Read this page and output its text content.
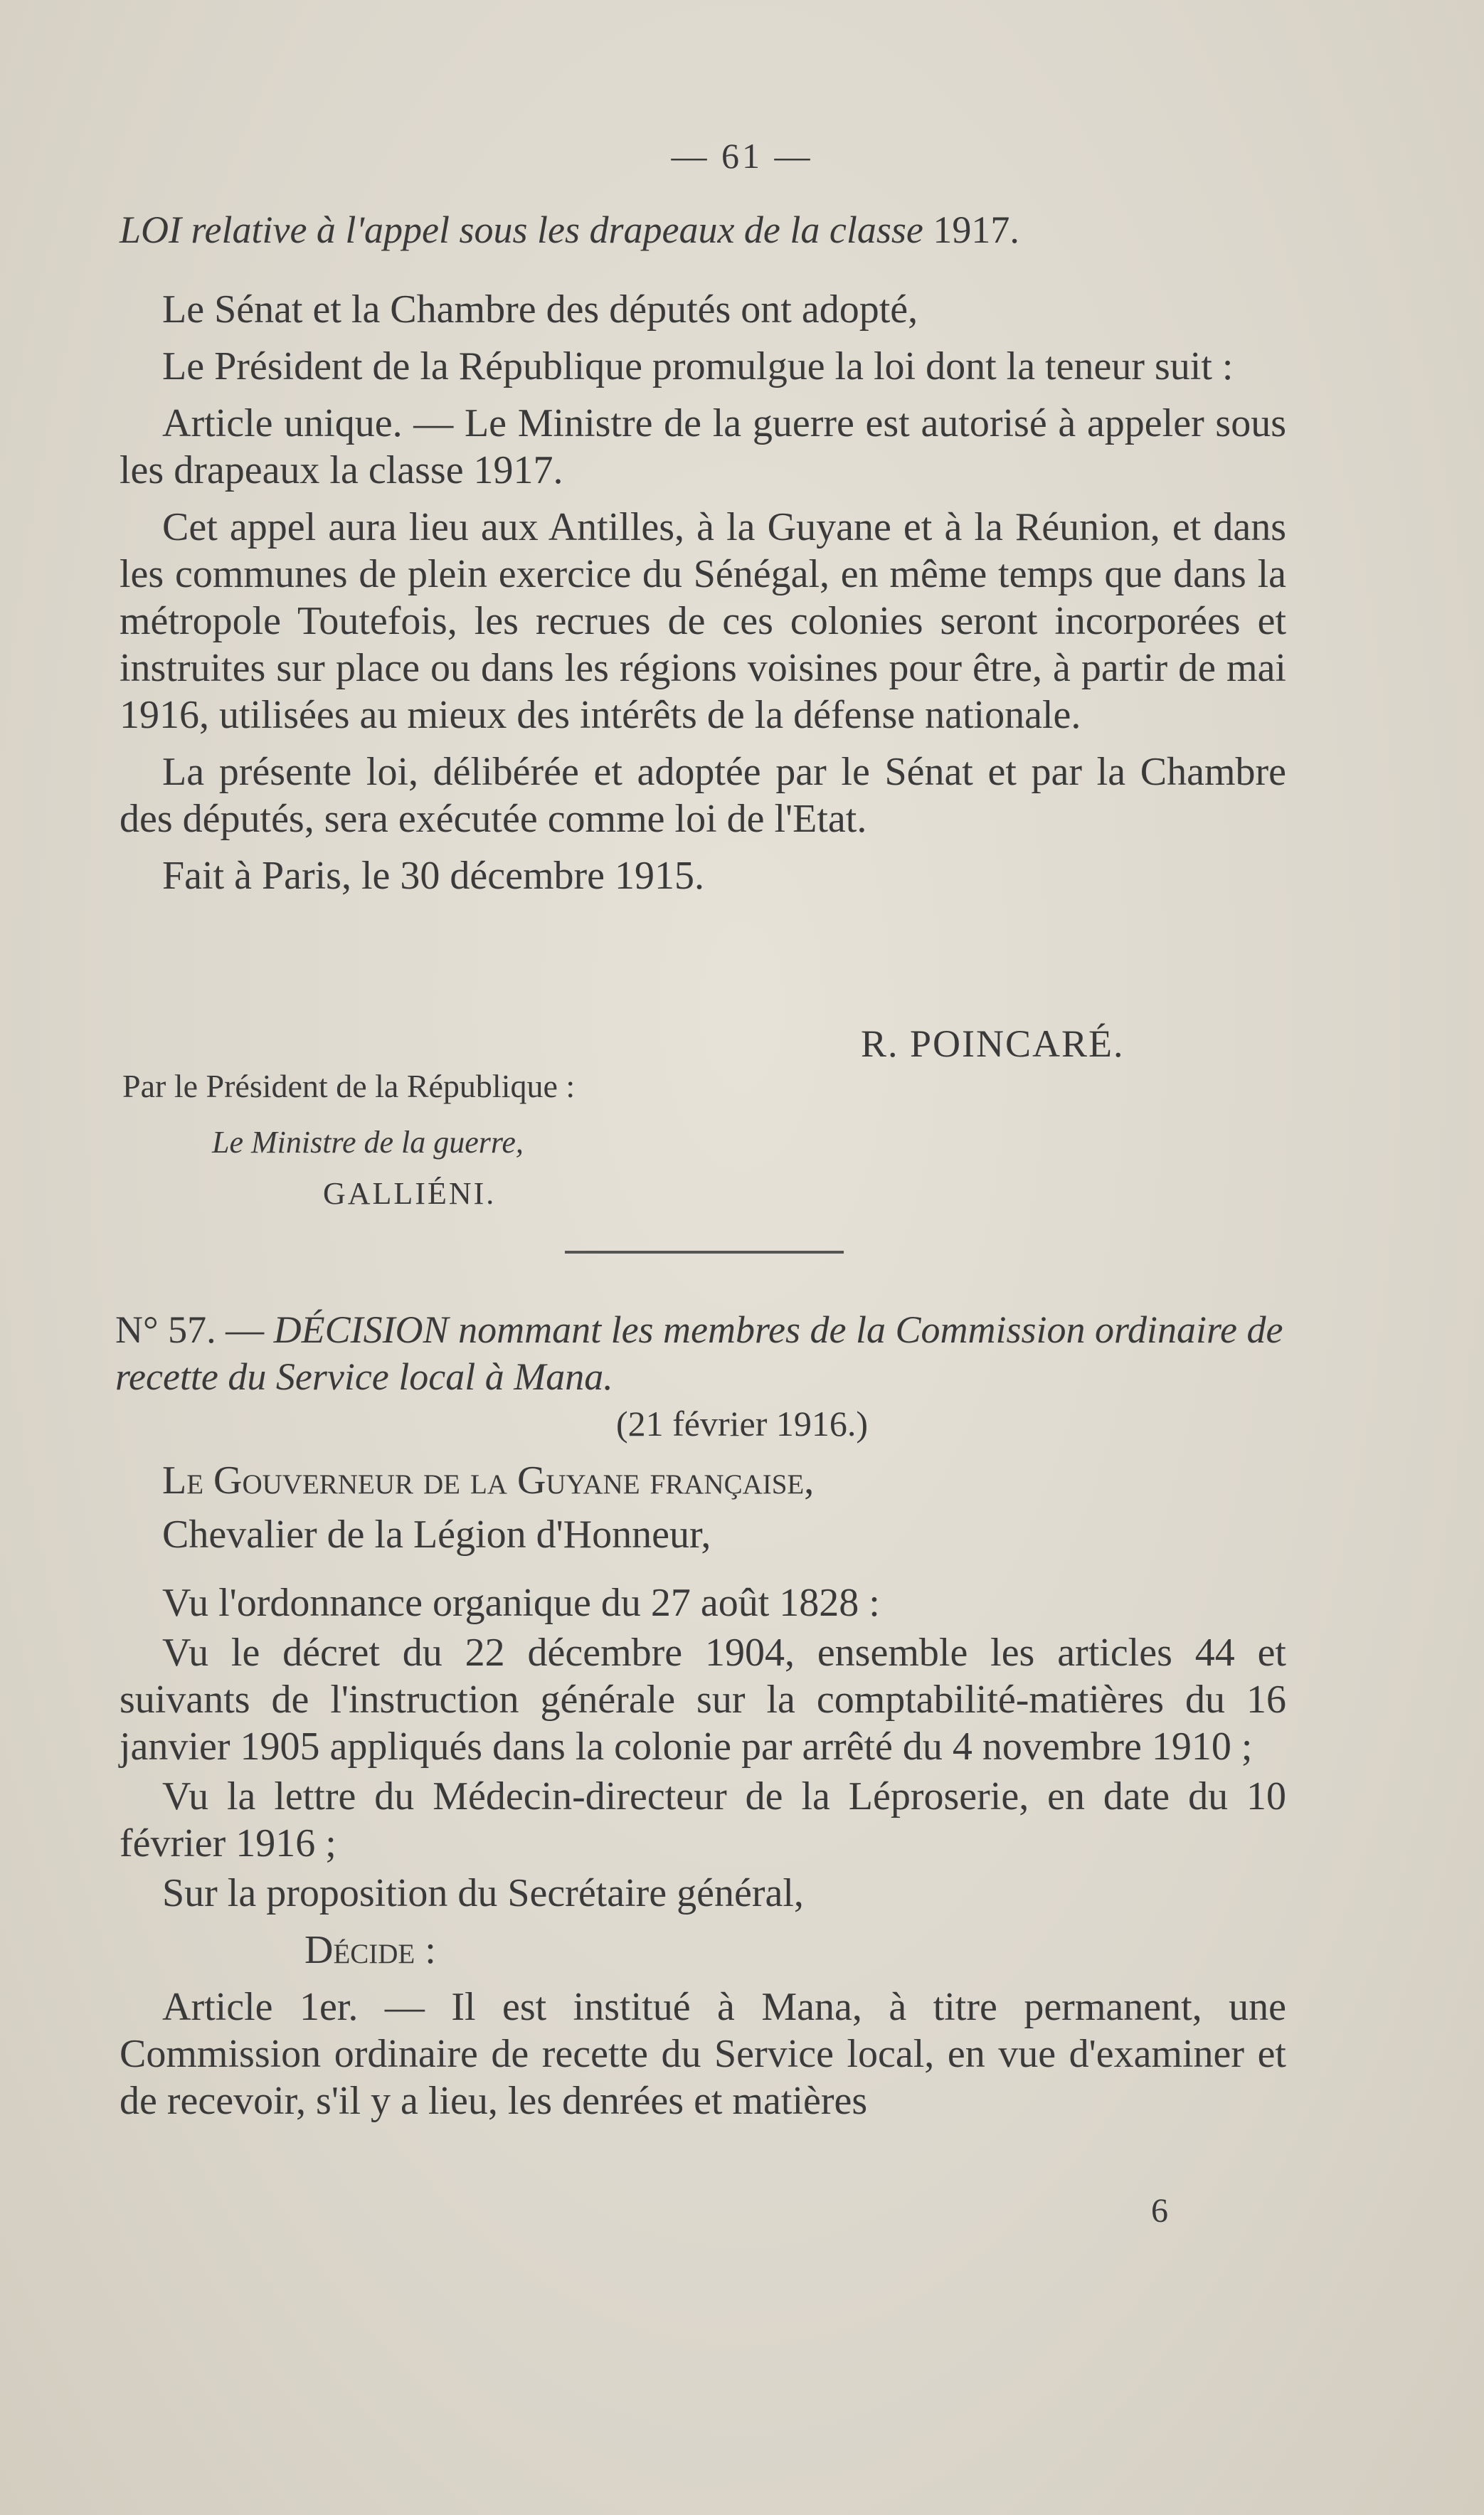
— 61 —
LOI relative à l'appel sous les drapeaux de la classe 1917.

Le Sénat et la Chambre des députés ont adopté,

Le Président de la République promulgue la loi dont la teneur suit :

Article unique. — Le Ministre de la guerre est autorisé à appeler sous les drapeaux la classe 1917.

Cet appel aura lieu aux Antilles, à la Guyane et à la Réunion, et dans les communes de plein exercice du Sénégal, en même temps que dans la métropole Toutefois, les recrues de ces colonies seront incorporées et instruites sur place ou dans les régions voisines pour être, à partir de mai 1916, utilisées au mieux des intérêts de la défense nationale.

La présente loi, délibérée et adoptée par le Sénat et par la Chambre des députés, sera exécutée comme loi de l'Etat.

Fait à Paris, le 30 décembre 1915.

R. POINCARÉ.
Par le Président de la République :
Le Ministre de la guerre,
GALLIÉNI.
N° 57. — DÉCISION nommant les membres de la Commission ordinaire de recette du Service local à Mana.
(21 février 1916.)

Le Gouverneur de la Guyane française,

Chevalier de la Légion d'Honneur,

Vu l'ordonnance organique du 27 août 1828 :

Vu le décret du 22 décembre 1904, ensemble les articles 44 et suivants de l'instruction générale sur la comptabilité-matières du 16 janvier 1905 appliqués dans la colonie par arrêté du 4 novembre 1910 ;

Vu la lettre du Médecin-directeur de la Léproserie, en date du 10 février 1916 ;

Sur la proposition du Secrétaire général,

Décide :

Article 1er. — Il est institué à Mana, à titre permanent, une Commission ordinaire de recette du Service local, en vue d'examiner et de recevoir, s'il y a lieu, les denrées et matières

6
